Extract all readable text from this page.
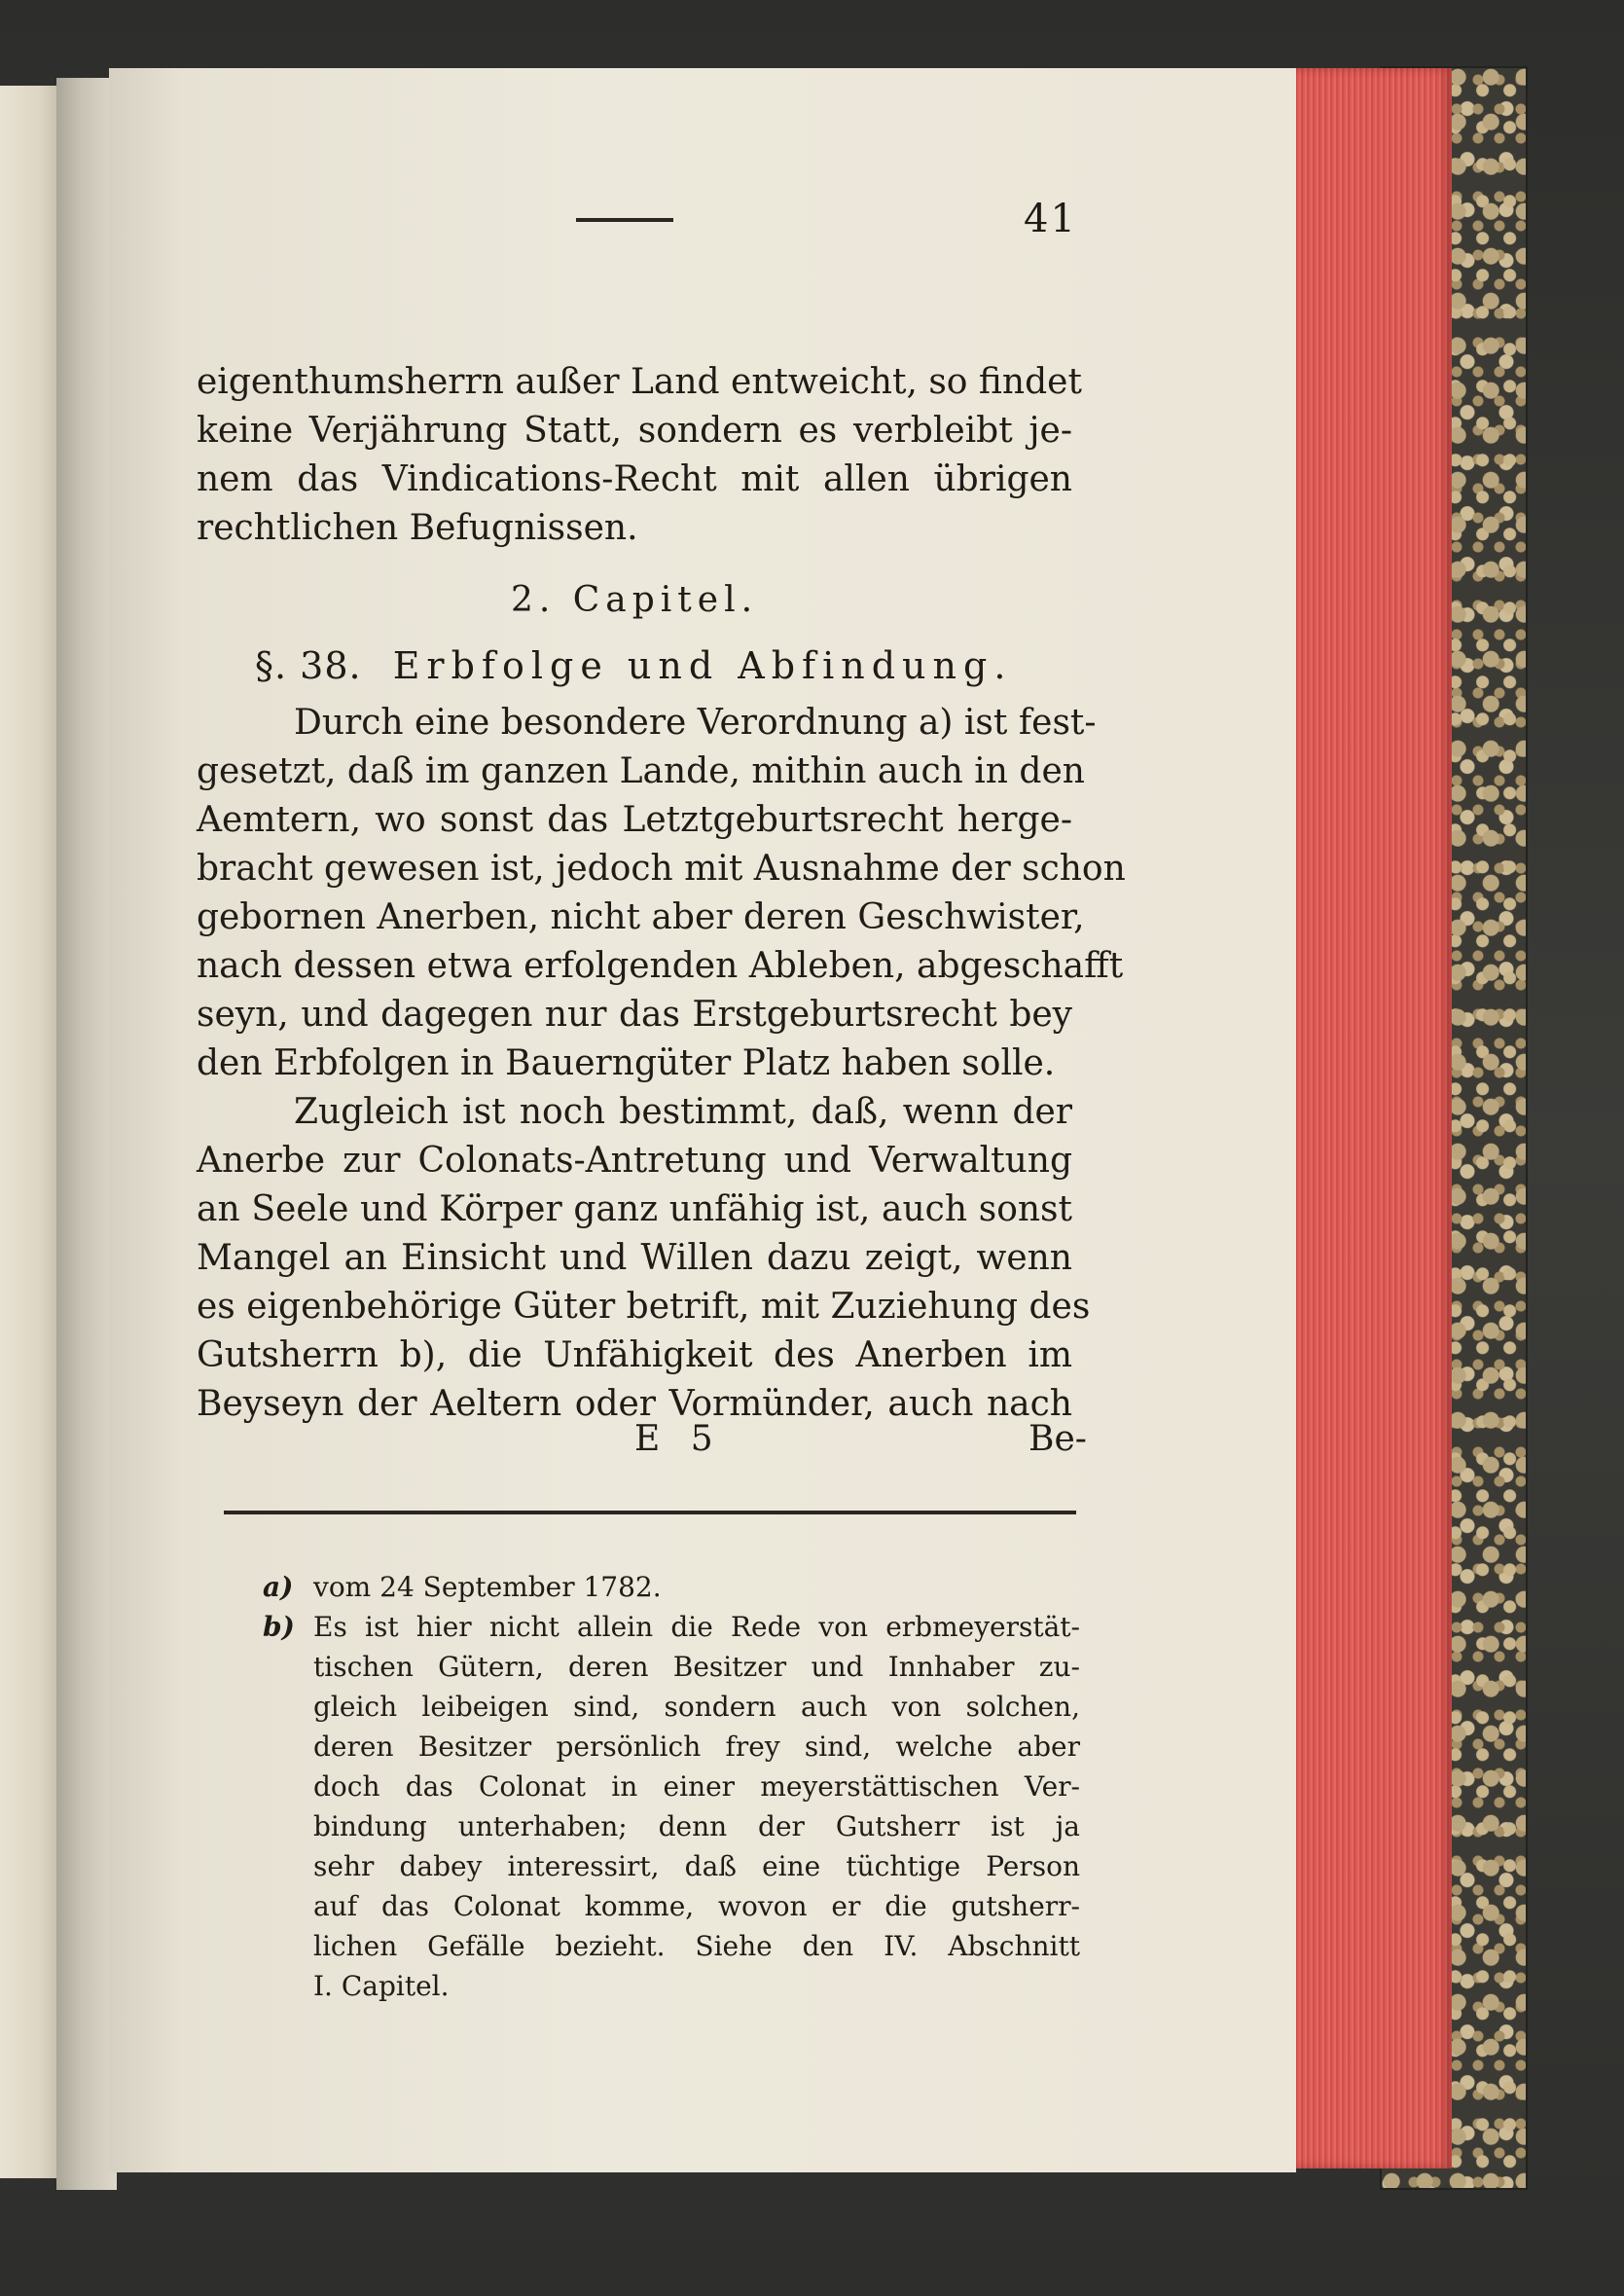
41
eigenthumsherrn außer Land entweicht, so findet
keine Verjährung Statt, sondern es verbleibt je-
nem das Vindications-Recht mit allen übrigen
rechtlichen Befugnissen.
2. Capitel.
§. 38. Erbfolge und Abfindung.
Durch eine besondere Verordnung a) ist fest-
gesetzt, daß im ganzen Lande, mithin auch in den
Aemtern, wo sonst das Letztgeburtsrecht herge-
bracht gewesen ist, jedoch mit Ausnahme der schon
gebornen Anerben, nicht aber deren Geschwister,
nach dessen etwa erfolgenden Ableben, abgeschafft
seyn, und dagegen nur das Erstgeburtsrecht bey
den Erbfolgen in Bauerngüter Platz haben solle.
Zugleich ist noch bestimmt, daß, wenn der
Anerbe zur Colonats-Antretung und Verwaltung
an Seele und Körper ganz unfähig ist, auch sonst
Mangel an Einsicht und Willen dazu zeigt, wenn
es eigenbehörige Güter betrift, mit Zuziehung des
Gutsherrn b), die Unfähigkeit des Anerben im
Beyseyn der Aeltern oder Vormünder, auch nach
E 5	Be-
a) vom 24 September 1782.
b) Es ist hier nicht allein die Rede von erbmeyerstät-
tischen Gütern, deren Besitzer und Innhaber zu-
gleich leibeigen sind, sondern auch von solchen,
deren Besitzer persönlich frey sind, welche aber
doch das Colonat in einer meyerstättischen Ver-
bindung unterhaben; denn der Gutsherr ist ja
sehr dabey interessirt, daß eine tüchtige Person
auf das Colonat komme, wovon er die gutsherr-
lichen Gefälle bezieht. Siehe den IV. Abschnitt
I. Capitel.
